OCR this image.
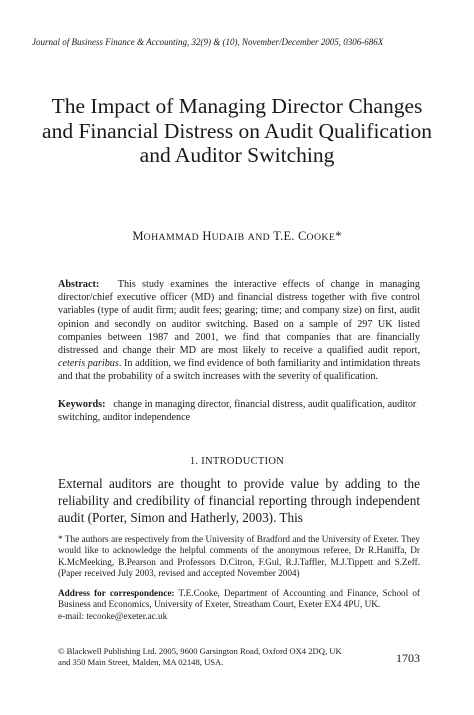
Journal of Business Finance & Accounting, 32(9) & (10), November/December 2005, 0306-686X
The Impact of Managing Director Changes and Financial Distress on Audit Qualification and Auditor Switching
MOHAMMAD HUDAIB AND T.E. COOKE*
Abstract: This study examines the interactive effects of change in managing director/chief executive officer (MD) and financial distress together with five control variables (type of audit firm; audit fees; gearing; time; and company size) on first, audit opinion and secondly on auditor switching. Based on a sample of 297 UK listed companies between 1987 and 2001, we find that companies that are financially distressed and change their MD are most likely to receive a qualified audit report, ceteris paribus. In addition, we find evidence of both familiarity and intimidation threats and that the probability of a switch increases with the severity of qualification.
Keywords: change in managing director, financial distress, audit qualification, auditor switching, auditor independence
1. INTRODUCTION
External auditors are thought to provide value by adding to the reliability and credibility of financial reporting through independent audit (Porter, Simon and Hatherly, 2003). This
* The authors are respectively from the University of Bradford and the University of Exeter. They would like to acknowledge the helpful comments of the anonymous referee, Dr R.Haniffa, Dr K.McMeeking, B.Pearson and Professors D.Citron, F.Gul, R.J.Taffler, M.J.Tippett and S.Zeff. (Paper received July 2003, revised and accepted November 2004)
Address for correspondence: T.E.Cooke, Department of Accounting and Finance, School of Business and Economics, University of Exeter, Streatham Court, Exeter EX4 4PU, UK.
e-mail: tecooke@exeter.ac.uk
© Blackwell Publishing Ltd. 2005, 9600 Garsington Road, Oxford OX4 2DQ, UK
and 350 Main Street, Malden, MA 02148, USA.	1703
